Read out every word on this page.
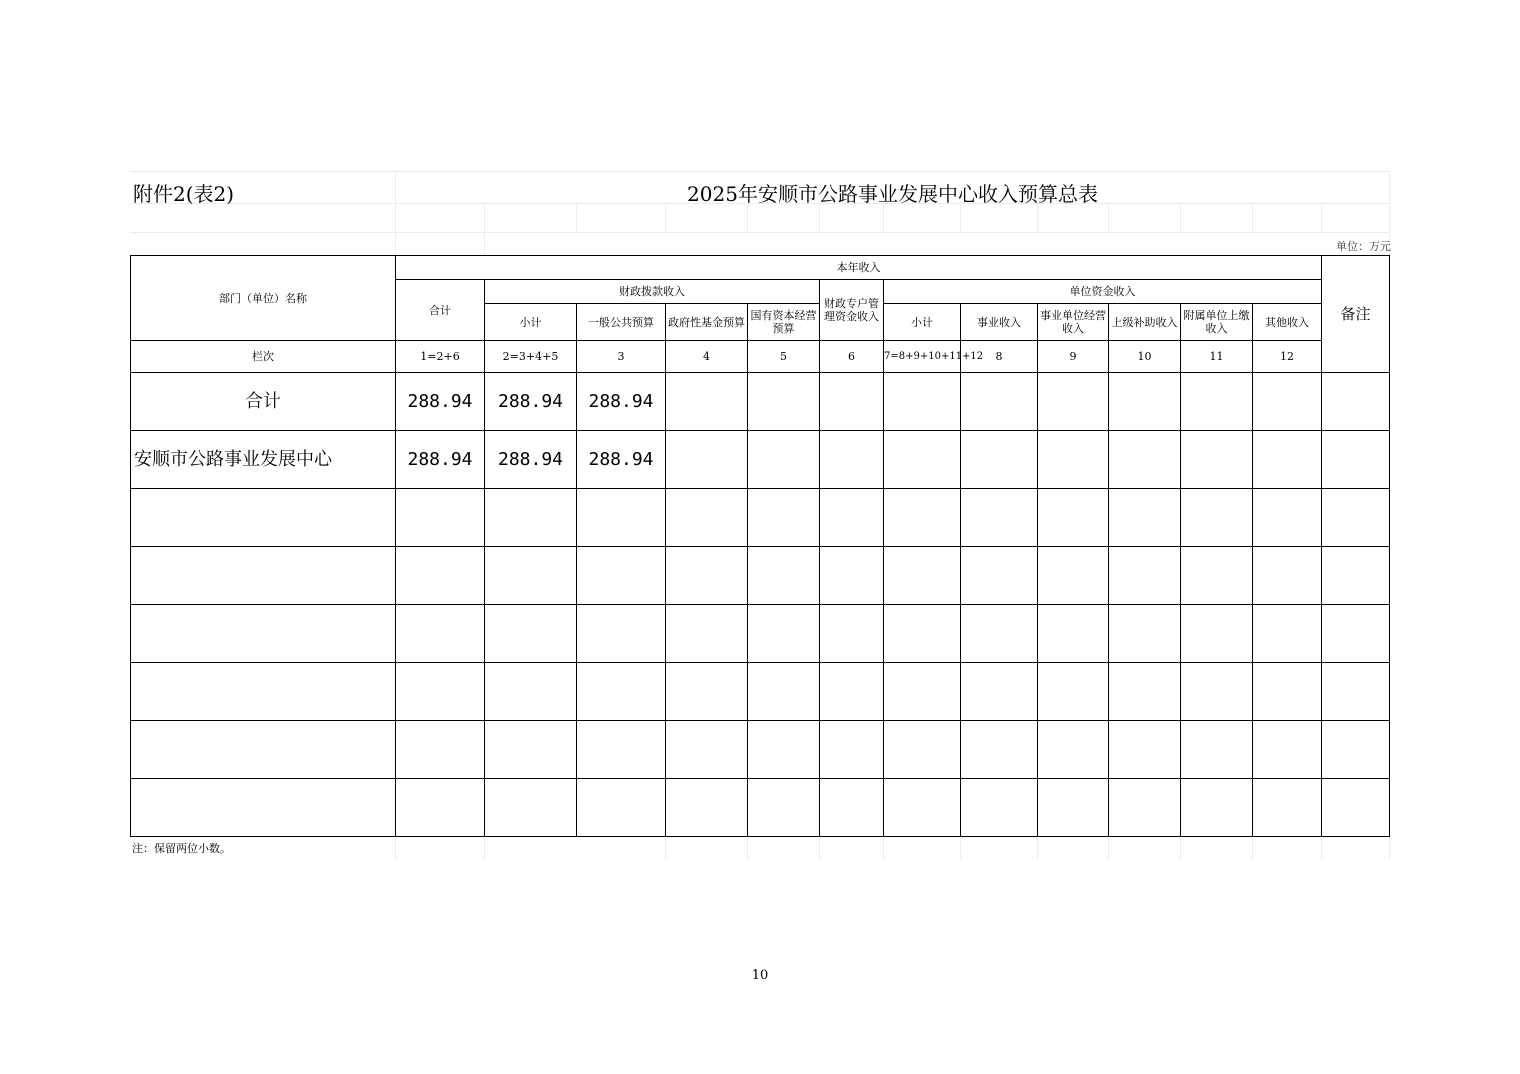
附件2(表2)	2025年安顺市公路事业发展中心收入预算总表
单位：万元
部门（单位）名称	本年收入												备注
	合计	财政拨款收入				财政专户管理资金收入	单位资金收入						
		小计	一般公共预算	政府性基金预算	国有资本经营预算		小计	事业收入	事业单位经营收入	上级补助收入	附属单位上缴收入	其他收入	
栏次	1=2+6	2=3+4+5	3	4	5	6	7=8+9+10+11+12	8	9	10	11	12	
合计	288.94	288.94	288.94										
安顺市公路事业发展中心	288.94	288.94	288.94										

注：保留两位小数。
10
